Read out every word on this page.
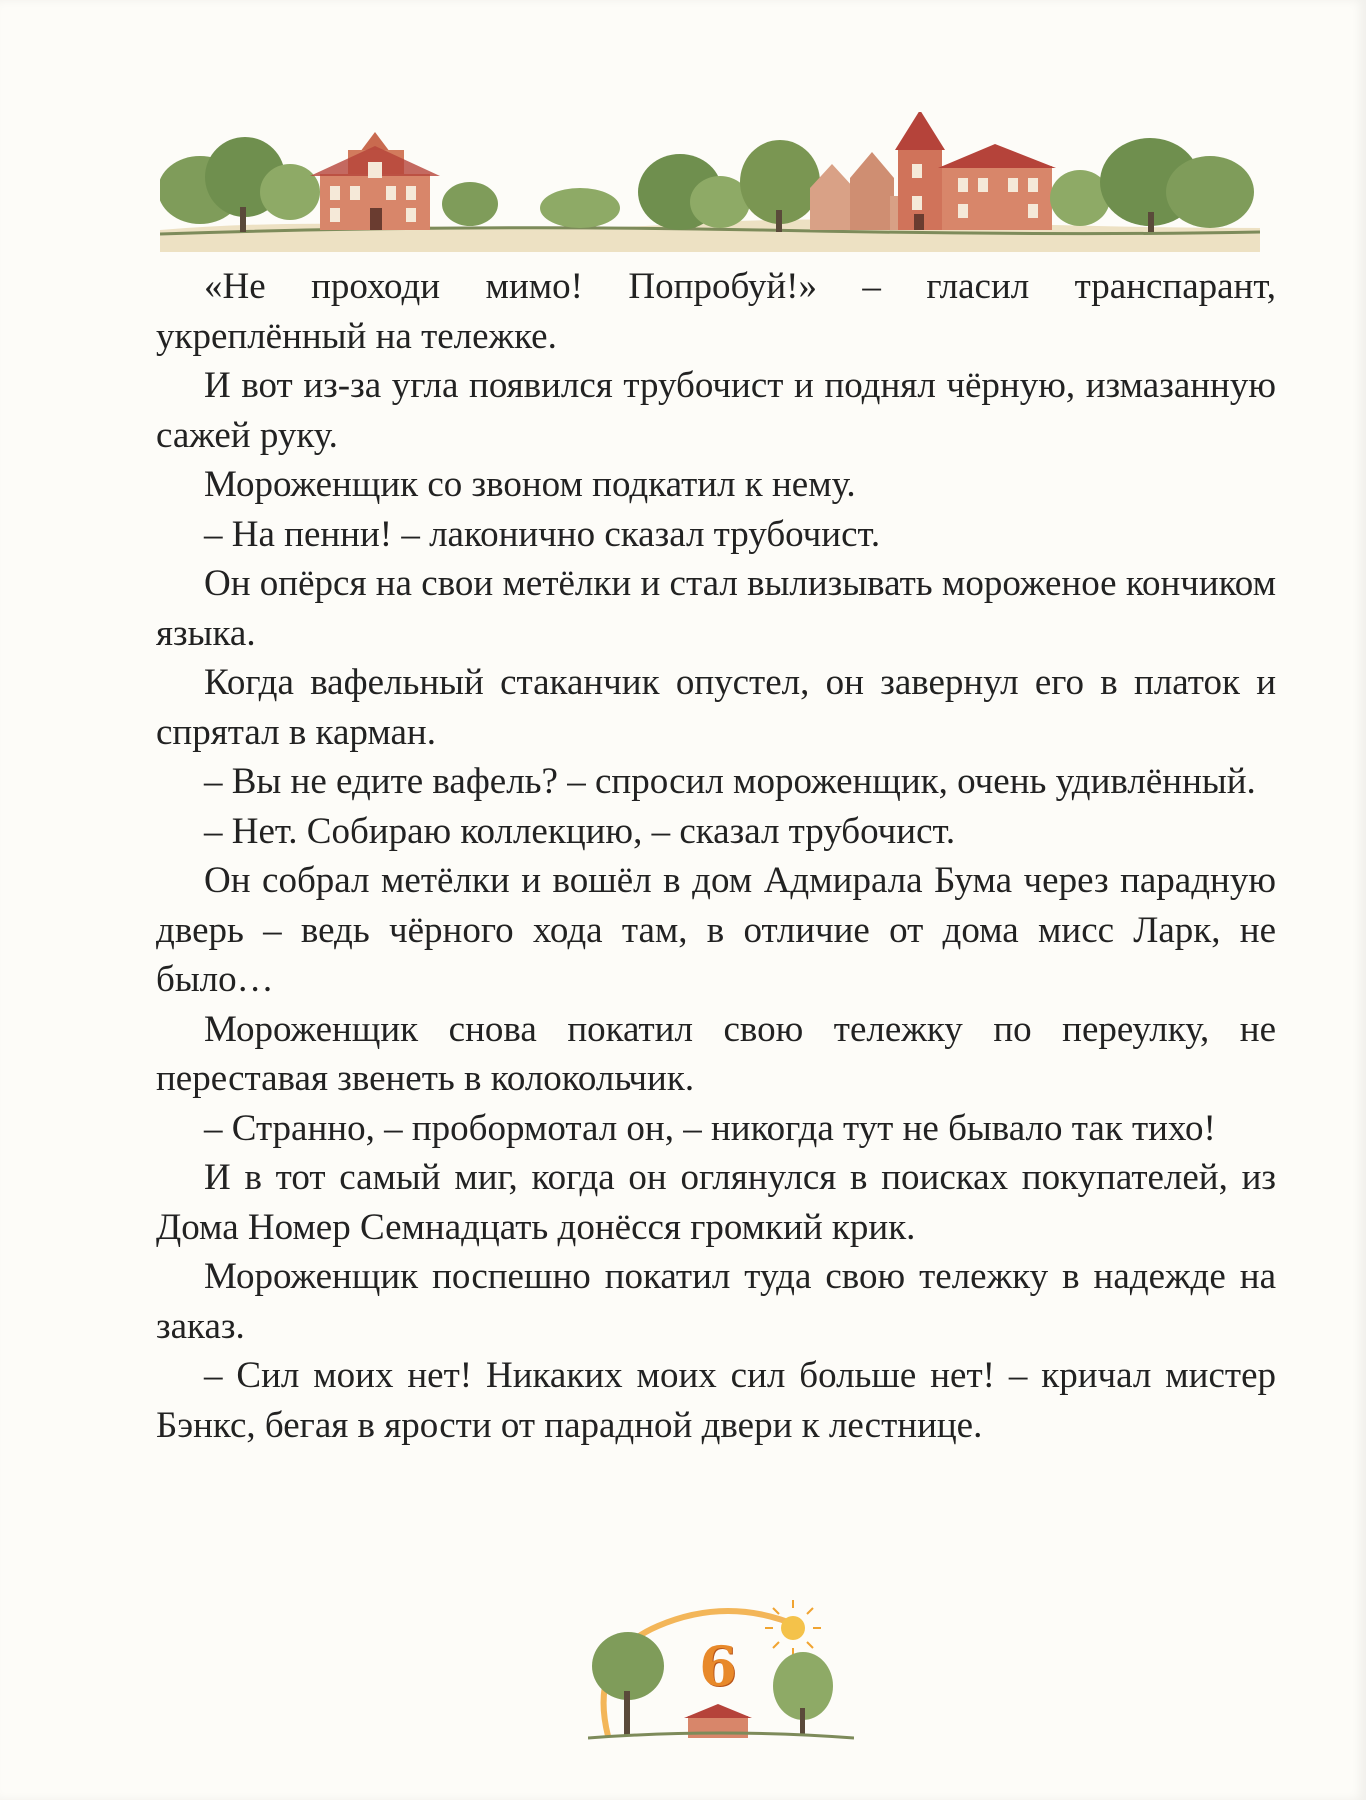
«Не проходи мимо! Попробуй!» – гласил транспарант, укреплённый на тележке.

И вот из-за угла появился трубочист и поднял чёрную, измазанную сажей руку.

Мороженщик со звоном подкатил к нему.

– На пенни! – лаконично сказал трубочист.

Он опёрся на свои метёлки и стал вылизывать мороженое кончиком языка.

Когда вафельный стаканчик опустел, он завернул его в платок и спрятал в карман.

– Вы не едите вафель? – спросил мороженщик, очень удивлённый.

– Нет. Собираю коллекцию, – сказал трубочист.

Он собрал метёлки и вошёл в дом Адмирала Бума через парадную дверь – ведь чёрного хода там, в отличие от дома мисс Ларк, не было…

Мороженщик снова покатил свою тележку по переулку, не переставая звенеть в колокольчик.

– Странно, – пробормотал он, – никогда тут не бывало так тихо!

И в тот самый миг, когда он оглянулся в поисках покупателей, из Дома Номер Семнадцать донёсся громкий крик.

Мороженщик поспешно покатил туда свою тележку в надежде на заказ.

– Сил моих нет! Никаких моих сил больше нет! – кричал мистер Бэнкс, бегая в ярости от парадной двери к лестнице.

6
